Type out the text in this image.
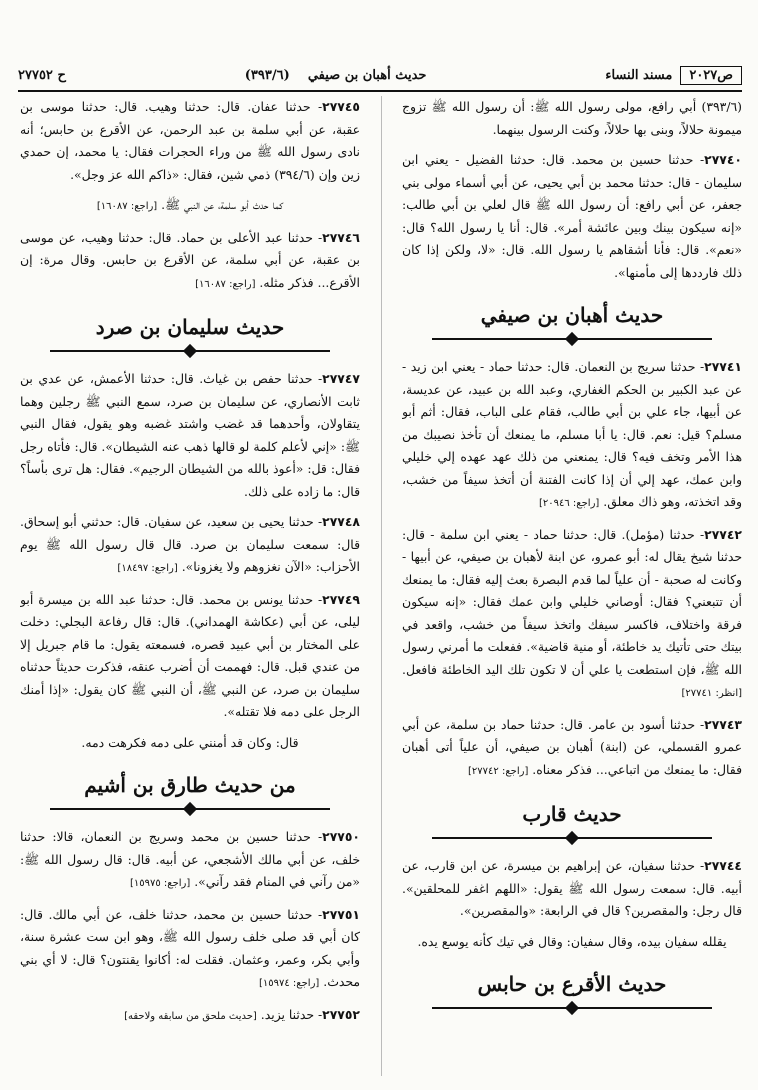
ح ٢٧٧٥٢	(٣٩٣/٦) حديث أهبان بن صيفي	مسند النساء	ص٢٠٢٧

(٣٩٣/٦) أبي رافع، مولى رسول الله ﷺ: أن رسول الله ﷺ تزوج ميمونة حلالاً، وبنى بها حلالاً، وكنت الرسول بينهما.

٢٧٧٤٠- حدثنا حسين بن محمد. قال: حدثنا الفضيل - يعني ابن سليمان - قال: حدثنا محمد بن أبي يحيى، عن أبي أسماء مولى بني جعفر، عن أبي رافع: أن رسول الله ﷺ قال لعلي بن أبي طالب: «إنه سيكون بينك وبين عائشة أمر». قال: أنا يا رسول الله؟ قال: «نعم». قال: فأنا أشقاهم يا رسول الله. قال: «لا، ولكن إذا كان ذلك فارددها إلى مأمنها».

حديث أهبان بن صيفي

٢٧٧٤١- حدثنا سريج بن النعمان. قال: حدثنا حماد - يعني ابن زيد - عن عبد الكبير بن الحكم الغفاري، وعبد الله بن عبيد، عن عديسة، عن أبيها، جاء علي بن أبي طالب، فقام على الباب، فقال: أثم أبو مسلم؟ قيل: نعم. قال: يا أبا مسلم، ما يمنعك أن تأخذ نصيبك من هذا الأمر وتخف فيه؟ قال: يمنعني من ذلك عهد عهده إلي خليلي وابن عمك، عهد إلي أن إذا كانت الفتنة أن أتخذ سيفاً من خشب، وقد اتخذته، وهو ذاك معلق. [راجع: ٢٠٩٤٦]

٢٧٧٤٢- حدثنا (مؤمل). قال: حدثنا حماد - يعني ابن سلمة - قال: حدثنا شيخ يقال له: أبو عمرو، عن ابنة لأهبان بن صيفي، عن أبيها - وكانت له صحبة - أن علياً لما قدم البصرة بعث إليه فقال: ما يمنعك أن تتبعني؟ فقال: أوصاني خليلي وابن عمك فقال: «إنه سيكون فرقة واختلاف، فاكسر سيفك واتخذ سيفاً من خشب، واقعد في بيتك حتى تأتيك يد خاطئة، أو منية قاضية». ففعلت ما أمرني رسول الله ﷺ، فإن استطعت يا علي أن لا تكون تلك اليد الخاطئة فافعل. [انظر: ٢٧٧٤١]

٢٧٧٤٣- حدثنا أسود بن عامر. قال: حدثنا حماد بن سلمة، عن أبي عمرو القسملي، عن (ابنة) أهبان بن صيفي، أن علياً أتى أهبان فقال: ما يمنعك من اتباعي... فذكر معناه. [راجع: ٢٧٧٤٢]

حديث قارب

٢٧٧٤٤- حدثنا سفيان، عن إبراهيم بن ميسرة، عن ابن قارب، عن أبيه. قال: سمعت رسول الله ﷺ يقول: «اللهم اغفر للمحلقين». قال رجل: والمقصرين؟ قال في الرابعة: «والمقصرين».

يقلله سفيان بيده، وقال سفيان: وقال في تيك كأنه يوسع يده.

حديث الأقرع بن حابس

٢٧٧٤٥- حدثنا عفان. قال: حدثنا وهيب. قال: حدثنا موسى بن عقبة، عن أبي سلمة بن عبد الرحمن، عن الأقرع بن حابس؛ أنه نادى رسول الله ﷺ من وراء الحجرات فقال: يا محمد، إن حمدي زين وإن (٣٩٤/٦) ذمي شين، فقال: «ذاكم الله عز وجل».

كما حدث أبو سلمة، عن النبي ﷺ. [راجع: ١٦٠٨٧]

٢٧٧٤٦- حدثنا عبد الأعلى بن حماد. قال: حدثنا وهيب، عن موسى بن عقبة، عن أبي سلمة، عن الأقرع بن حابس. وقال مرة: إن الأقرع... فذكر مثله. [راجع: ١٦٠٨٧]

حديث سليمان بن صرد

٢٧٧٤٧- حدثنا حفص بن غياث. قال: حدثنا الأعمش، عن عدي بن ثابت الأنصاري، عن سليمان بن صرد، سمع النبي ﷺ رجلين وهما يتقاولان، وأحدهما قد غضب واشتد غضبه وهو يقول، فقال النبي ﷺ: «إني لأعلم كلمة لو قالها ذهب عنه الشيطان». قال: فأتاه رجل فقال: قل: «أعوذ بالله من الشيطان الرجيم». فقال: هل ترى بأساً؟ قال: ما زاده على ذلك.

٢٧٧٤٨- حدثنا يحيى بن سعيد، عن سفيان. قال: حدثني أبو إسحاق. قال: سمعت سليمان بن صرد. قال قال رسول الله ﷺ يوم الأحزاب: «الآن نغزوهم ولا يغزونا». [راجع: ١٨٤٩٧]

٢٧٧٤٩- حدثنا يونس بن محمد. قال: حدثنا عبد الله بن ميسرة أبو ليلى، عن أبي (عكاشة الهمداني). قال: قال رفاعة البجلي: دخلت على المختار بن أبي عبيد قصره، فسمعته يقول: ما قام جبريل إلا من عندي قبل. قال: فهممت أن أضرب عنقه، فذكرت حديثاً حدثناه سليمان بن صرد، عن النبي ﷺ، أن النبي ﷺ كان يقول: «إذا أمنك الرجل على دمه فلا تقتله».

قال: وكان قد أمنني على دمه فكرهت دمه.

من حديث طارق بن أشيم

٢٧٧٥٠- حدثنا حسين بن محمد وسريج بن النعمان، قالا: حدثنا خلف، عن أبي مالك الأشجعي، عن أبيه. قال: قال رسول الله ﷺ: «من رآني في المنام فقد رآني». [راجع: ١٥٩٧٥]

٢٧٧٥١- حدثنا حسين بن محمد، حدثنا خلف، عن أبي مالك. قال: كان أبي قد صلى خلف رسول الله ﷺ، وهو ابن ست عشرة سنة، وأبي بكر، وعمر، وعثمان. فقلت له: أكانوا يقنتون؟ قال: لا أي بني محدث. [راجع: ١٥٩٧٤]

٢٧٧٥٢- حدثنا يزيد. [حديث ملحق من سابقه ولاحقه]
